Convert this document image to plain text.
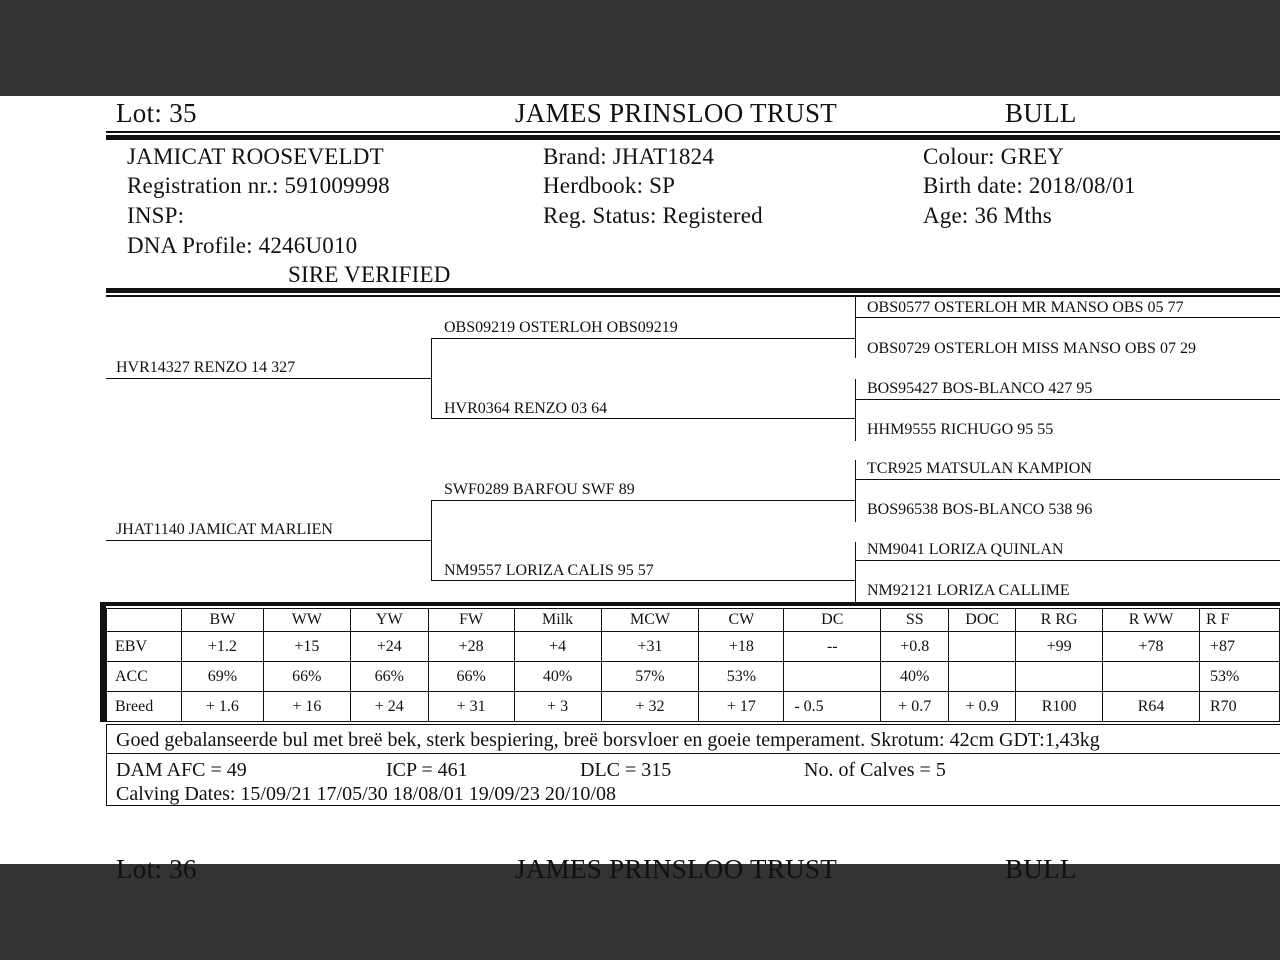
Lot: 35	JAMES PRINSLOO TRUST	BULL
JAMICAT ROOSEVELDT
Registration nr.: 591009998
INSP:
DNA Profile: 4246U010
SIRE VERIFIED
Brand: JHAT1824
Herdbook: SP
Reg. Status: Registered
Colour: GREY
Birth date: 2018/08/01
Age: 36 Mths
HVR14327 RENZO 14 327
JHAT1140 JAMICAT MARLIEN
OBS09219 OSTERLOH OBS09219
HVR0364 RENZO 03 64
SWF0289 BARFOU SWF 89
NM9557 LORIZA CALIS 95 57
OBS0577 OSTERLOH MR MANSO OBS 05 77
OBS0729 OSTERLOH MISS MANSO OBS 07 29
BOS95427 BOS-BLANCO 427 95
HHM9555 RICHUGO 95 55
TCR925 MATSULAN KAMPION
BOS96538 BOS-BLANCO 538 96
NM9041 LORIZA QUINLAN
NM92121 LORIZA CALLIME
	BW	WW	YW	FW	Milk	MCW	CW	DC	SS	DOC	R RG	R WW	R F
EBV	+1.2	+15	+24	+28	+4	+31	+18	--	+0.8		+99	+78	+87
ACC	69%	66%	66%	66%	40%	57%	53%		40%				53%
Breed	+ 1.6	+ 16	+ 24	+ 31	+ 3	+ 32	+ 17	- 0.5	+ 0.7	+ 0.9	R100	R64	R70
Goed gebalanseerde bul met breë bek, sterk bespiering, breë borsvloer en goeie temperament. Skrotum: 42cm GDT:1,43kg
DAM AFC = 49	ICP = 461	DLC = 315	No. of Calves = 5
Calving Dates: 15/09/21 17/05/30 18/08/01 19/09/23 20/10/08
Lot: 36	JAMES PRINSLOO TRUST	BULL
